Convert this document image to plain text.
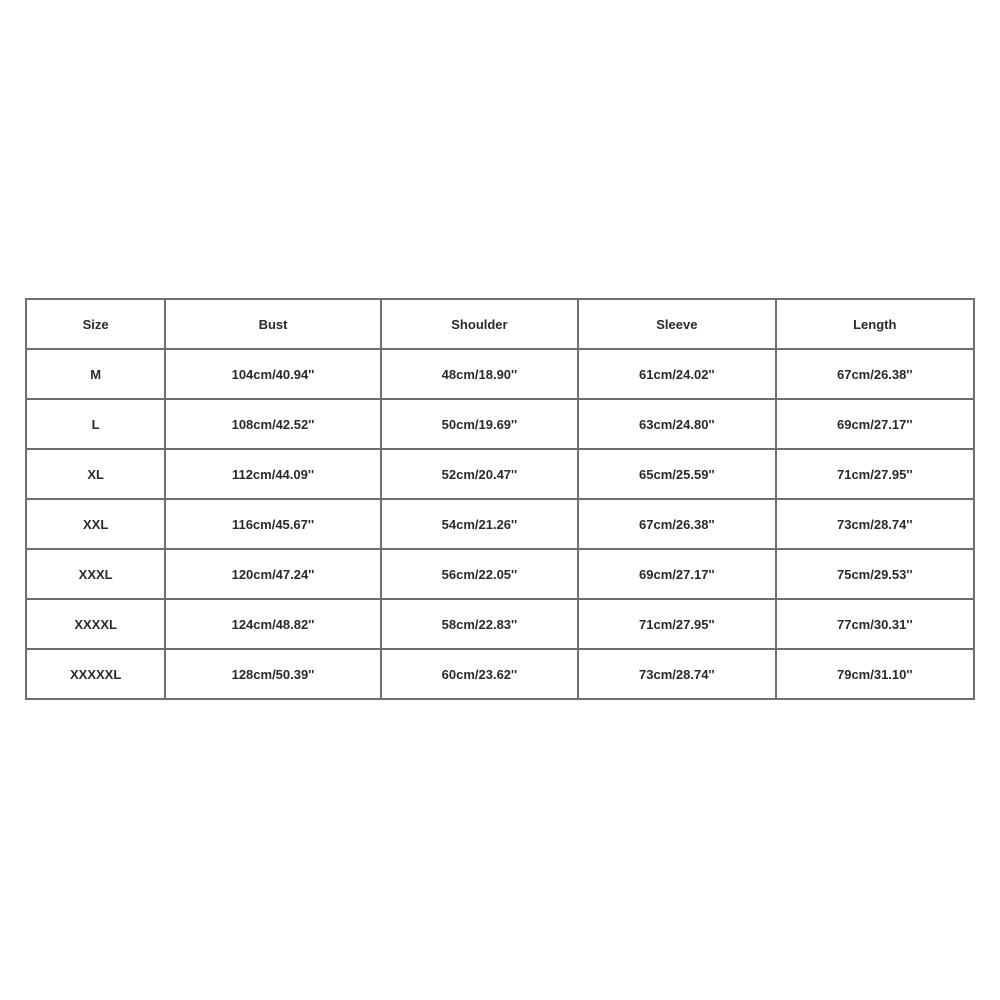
Size	Bust	Shoulder	Sleeve	Length
M	104cm/40.94''	48cm/18.90''	61cm/24.02''	67cm/26.38''
L	108cm/42.52''	50cm/19.69''	63cm/24.80''	69cm/27.17''
XL	112cm/44.09''	52cm/20.47''	65cm/25.59''	71cm/27.95''
XXL	116cm/45.67''	54cm/21.26''	67cm/26.38''	73cm/28.74''
XXXL	120cm/47.24''	56cm/22.05''	69cm/27.17''	75cm/29.53''
XXXXL	124cm/48.82''	58cm/22.83''	71cm/27.95''	77cm/30.31''
XXXXXL	128cm/50.39''	60cm/23.62''	73cm/28.74''	79cm/31.10''
